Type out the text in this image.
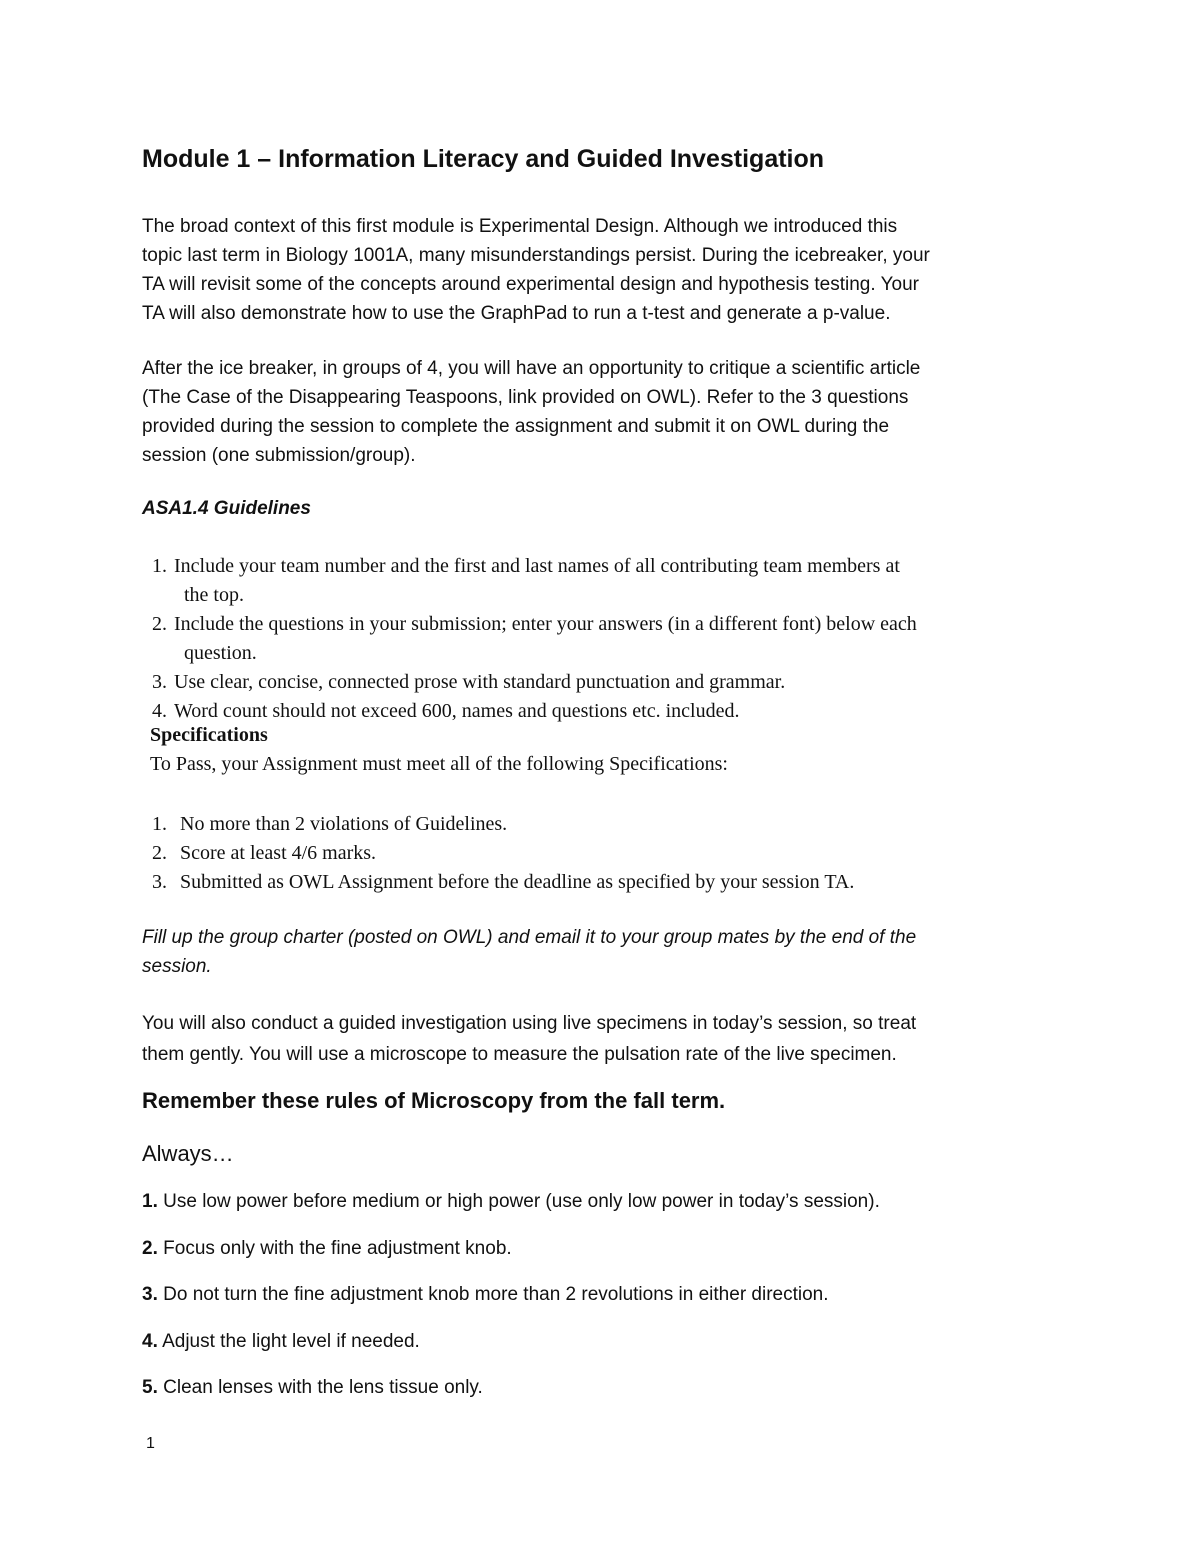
Module 1 – Information Literacy and Guided Investigation
The broad context of this first module is Experimental Design. Although we introduced this
topic last term in Biology 1001A, many misunderstandings persist. During the icebreaker, your
TA will revisit some of the concepts around experimental design and hypothesis testing. Your
TA will also demonstrate how to use the GraphPad to run a t-test and generate a p-value.
After the ice breaker, in groups of 4, you will have an opportunity to critique a scientific article
(The Case of the Disappearing Teaspoons, link provided on OWL). Refer to the 3 questions
provided during the session to complete the assignment and submit it on OWL during the
session (one submission/group).
ASA1.4 Guidelines
1. Include your team number and the first and last names of all contributing team members at
the top.
2. Include the questions in your submission; enter your answers (in a different font) below each
question.
3. Use clear, concise, connected prose with standard punctuation and grammar.
4. Word count should not exceed 600, names and questions etc. included.
Specifications
To Pass, your Assignment must meet all of the following Specifications:
1. No more than 2 violations of Guidelines.
2. Score at least 4/6 marks.
3. Submitted as OWL Assignment before the deadline as specified by your session TA.
Fill up the group charter (posted on OWL) and email it to your group mates by the end of the
session.
You will also conduct a guided investigation using live specimens in today’s session, so treat
them gently. You will use a microscope to measure the pulsation rate of the live specimen.
Remember these rules of Microscopy from the fall term.
Always…
1. Use low power before medium or high power (use only low power in today’s session).
2. Focus only with the fine adjustment knob.
3. Do not turn the fine adjustment knob more than 2 revolutions in either direction.
4. Adjust the light level if needed.
5. Clean lenses with the lens tissue only.
1
